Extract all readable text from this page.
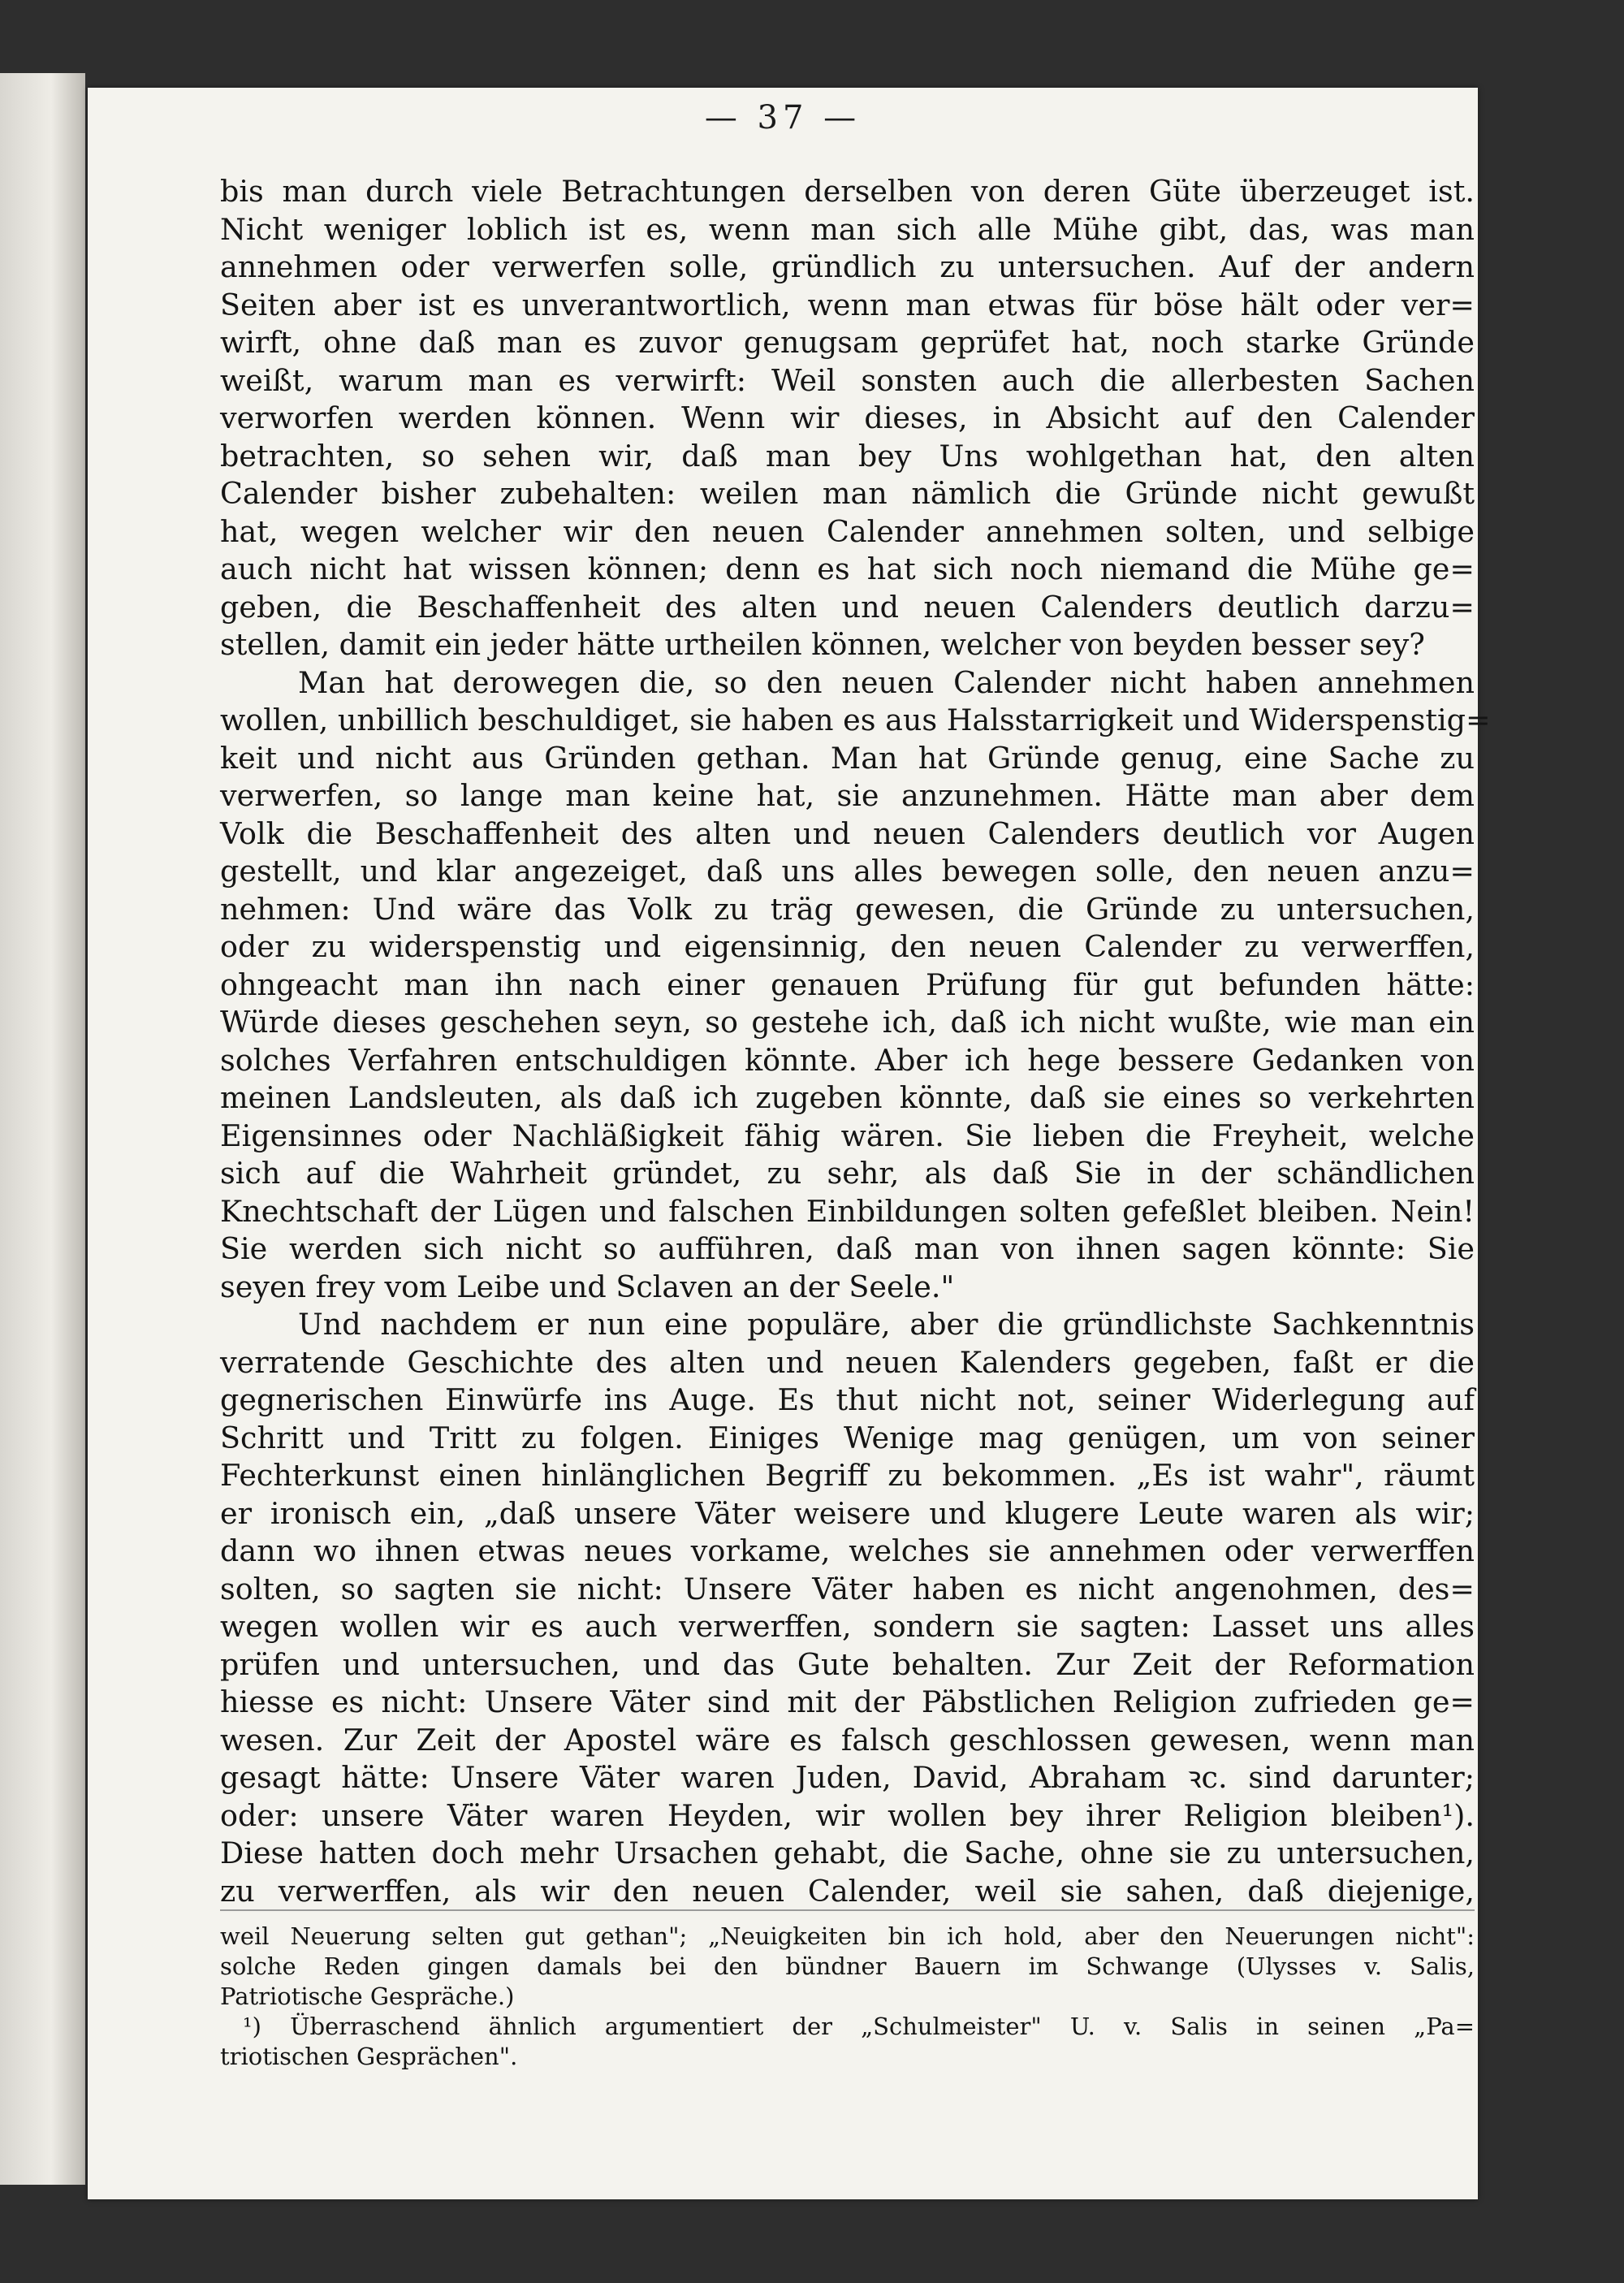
— 37 —
bis man durch viele Betrachtungen derselben von deren Güte überzeuget ist.
Nicht weniger loblich ist es, wenn man sich alle Mühe gibt, das, was man
annehmen oder verwerfen solle, gründlich zu untersuchen. Auf der andern
Seiten aber ist es unverantwortlich, wenn man etwas für böse hält oder ver=
wirft, ohne daß man es zuvor genugsam geprüfet hat, noch starke Gründe
weißt, warum man es verwirft: Weil sonsten auch die allerbesten Sachen
verworfen werden können. Wenn wir dieses, in Absicht auf den Calender
betrachten, so sehen wir, daß man bey Uns wohlgethan hat, den alten
Calender bisher zubehalten: weilen man nämlich die Gründe nicht gewußt
hat, wegen welcher wir den neuen Calender annehmen solten, und selbige
auch nicht hat wissen können; denn es hat sich noch niemand die Mühe ge=
geben, die Beschaffenheit des alten und neuen Calenders deutlich darzu=
stellen, damit ein jeder hätte urtheilen können, welcher von beyden besser sey?
Man hat derowegen die, so den neuen Calender nicht haben annehmen
wollen, unbillich beschuldiget, sie haben es aus Halsstarrigkeit und Widerspenstig=
keit und nicht aus Gründen gethan. Man hat Gründe genug, eine Sache zu
verwerfen, so lange man keine hat, sie anzunehmen. Hätte man aber dem
Volk die Beschaffenheit des alten und neuen Calenders deutlich vor Augen
gestellt, und klar angezeiget, daß uns alles bewegen solle, den neuen anzu=
nehmen: Und wäre das Volk zu träg gewesen, die Gründe zu untersuchen,
oder zu widerspenstig und eigensinnig, den neuen Calender zu verwerffen,
ohngeacht man ihn nach einer genauen Prüfung für gut befunden hätte:
Würde dieses geschehen seyn, so gestehe ich, daß ich nicht wußte, wie man ein
solches Verfahren entschuldigen könnte. Aber ich hege bessere Gedanken von
meinen Landsleuten, als daß ich zugeben könnte, daß sie eines so verkehrten
Eigensinnes oder Nachläßigkeit fähig wären. Sie lieben die Freyheit, welche
sich auf die Wahrheit gründet, zu sehr, als daß Sie in der schändlichen
Knechtschaft der Lügen und falschen Einbildungen solten gefeßlet bleiben. Nein!
Sie werden sich nicht so aufführen, daß man von ihnen sagen könnte: Sie
seyen frey vom Leibe und Sclaven an der Seele."
Und nachdem er nun eine populäre, aber die gründlichste Sachkenntnis
verratende Geschichte des alten und neuen Kalenders gegeben, faßt er die
gegnerischen Einwürfe ins Auge. Es thut nicht not, seiner Widerlegung auf
Schritt und Tritt zu folgen. Einiges Wenige mag genügen, um von seiner
Fechterkunst einen hinlänglichen Begriff zu bekommen. „Es ist wahr", räumt
er ironisch ein, „daß unsere Väter weisere und klugere Leute waren als wir;
dann wo ihnen etwas neues vorkame, welches sie annehmen oder verwerffen
solten, so sagten sie nicht: Unsere Väter haben es nicht angenohmen, des=
wegen wollen wir es auch verwerffen, sondern sie sagten: Lasset uns alles
prüfen und untersuchen, und das Gute behalten. Zur Zeit der Reformation
hiesse es nicht: Unsere Väter sind mit der Päbstlichen Religion zufrieden ge=
wesen. Zur Zeit der Apostel wäre es falsch geschlossen gewesen, wenn man
gesagt hätte: Unsere Väter waren Juden, David, Abraham ꝛc. sind darunter;
oder: unsere Väter waren Heyden, wir wollen bey ihrer Religion bleiben¹).
Diese hatten doch mehr Ursachen gehabt, die Sache, ohne sie zu untersuchen,
zu verwerffen, als wir den neuen Calender, weil sie sahen, daß diejenige,
weil Neuerung selten gut gethan"; „Neuigkeiten bin ich hold, aber den Neuerungen nicht":
solche Reden gingen damals bei den bündner Bauern im Schwange (Ulysses v. Salis,
Patriotische Gespräche.)
¹) Überraschend ähnlich argumentiert der „Schulmeister" U. v. Salis in seinen „Pa=
triotischen Gesprächen".
